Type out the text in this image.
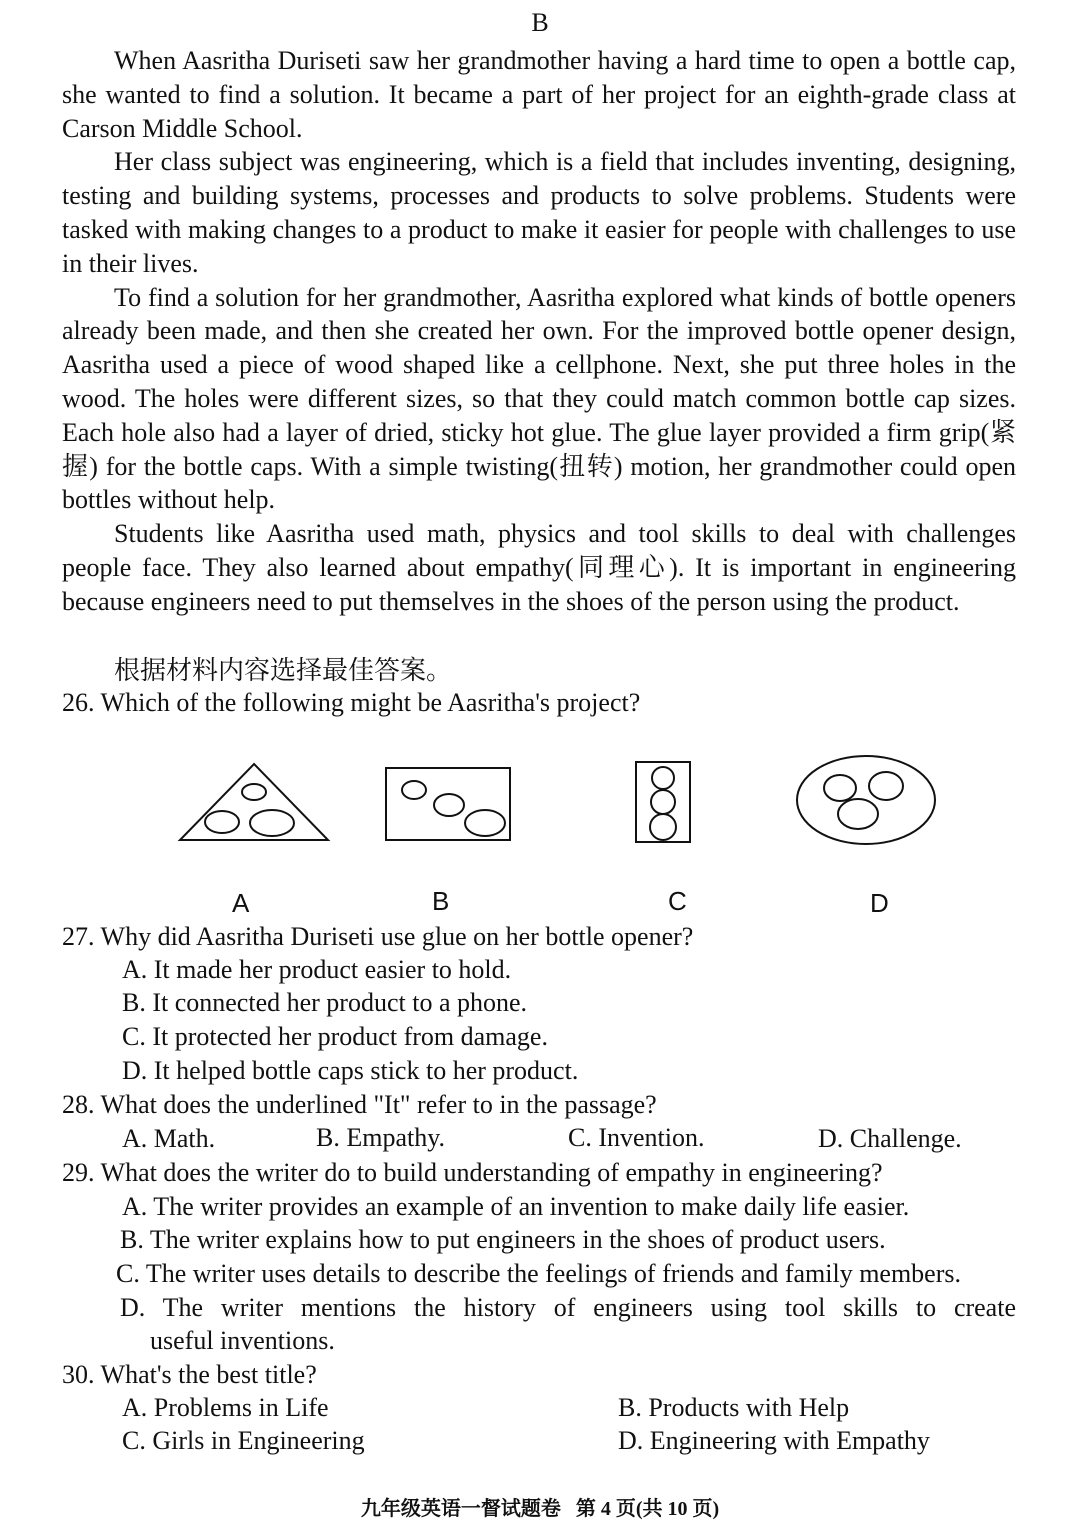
B

When Aasritha Duriseti saw her grandmother having a hard time to open a bottle cap, she wanted to find a solution. It became a part of her project for an eighth-grade class at Carson Middle School.

Her class subject was engineering, which is a field that includes inventing, designing, testing and building systems, processes and products to solve problems. Students were tasked with making changes to a product to make it easier for people with challenges to use in their lives.

To find a solution for her grandmother, Aasritha explored what kinds of bottle openers already been made, and then she created her own. For the improved bottle opener design, Aasritha used a piece of wood shaped like a cellphone. Next, she put three holes in the wood. The holes were different sizes, so that they could match common bottle cap sizes. Each hole also had a layer of dried, sticky hot glue. The glue layer provided a firm grip(紧握) for the bottle caps. With a simple twisting(扭转) motion, her grandmother could open bottles without help.

Students like Aasritha used math, physics and tool skills to deal with challenges people face. They also learned about empathy(同理心). It is important in engineering because engineers need to put themselves in the shoes of the person using the product.

根据材料内容选择最佳答案。
26. Which of the following might be Aasritha's project?
A	B	C	D
27. Why did Aasritha Duriseti use glue on her bottle opener?
A. It made her product easier to hold.
B. It connected her product to a phone.
C. It protected her product from damage.
D. It helped bottle caps stick to her product.
28. What does the underlined "It" refer to in the passage?
A. Math.	B. Empathy.	C. Invention.	D. Challenge.
29. What does the writer do to build understanding of empathy in engineering?
A. The writer provides an example of an invention to make daily life easier.
B. The writer explains how to put engineers in the shoes of product users.
C. The writer uses details to describe the feelings of friends and family members.
D. The writer mentions the history of engineers using tool skills to create
useful inventions.
30. What's the best title?
A. Problems in Life	B. Products with Help
C. Girls in Engineering	D. Engineering with Empathy
九年级英语一督试题卷   第 4 页(共 10 页)
